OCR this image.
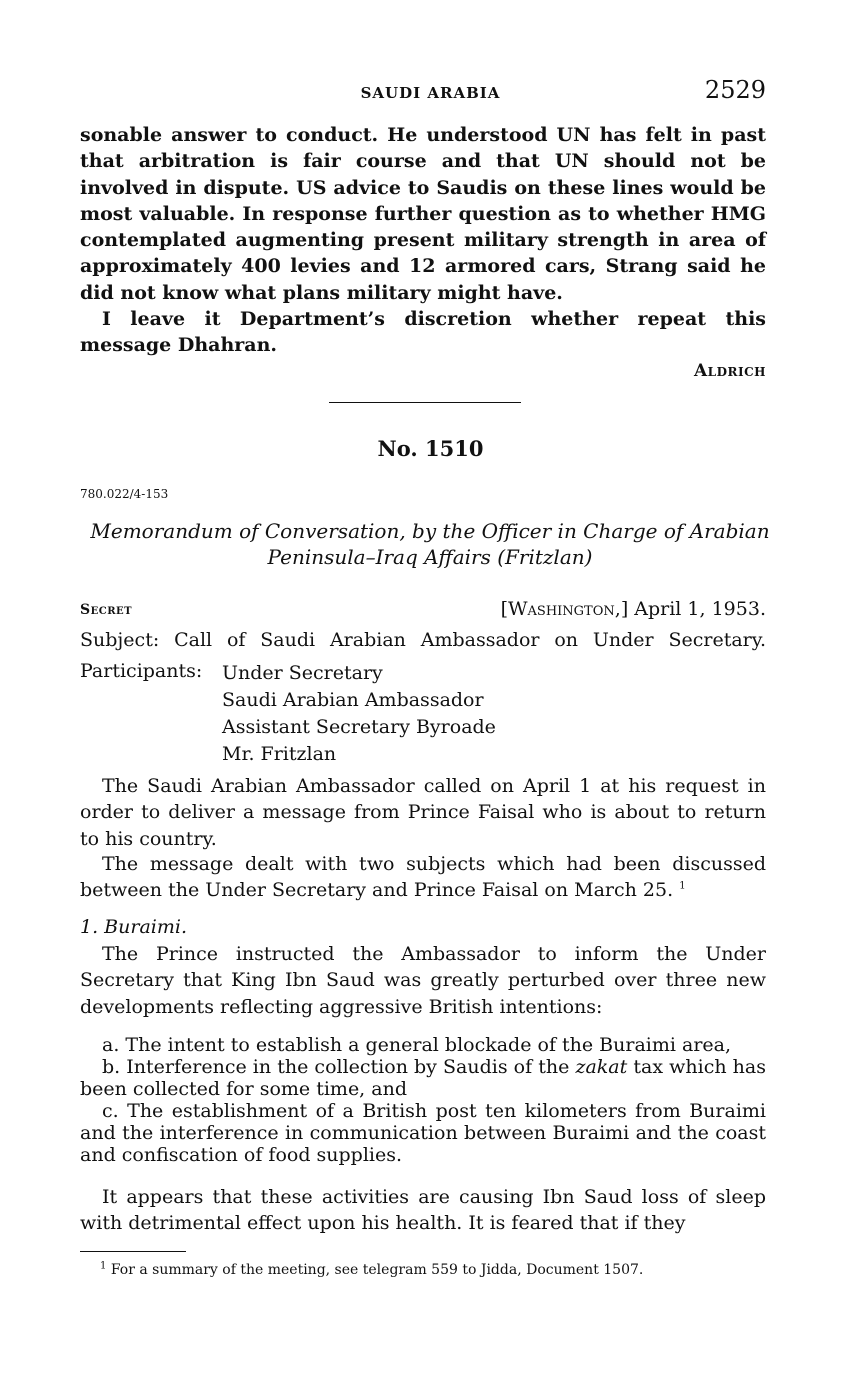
SAUDI ARABIA	2529

sonable answer to conduct. He understood UN has felt in past that arbitration is fair course and that UN should not be involved in dispute. US advice to Saudis on these lines would be most valuable. In response further question as to whether HMG contemplated augmenting present military strength in area of approximately 400 levies and 12 armored cars, Strang said he did not know what plans military might have.

I leave it Department’s discretion whether repeat this message Dhahran.

Aldrich
No. 1510
780.022/4-153
Memorandum of Conversation, by the Officer in Charge of Arabian
Peninsula–Iraq Affairs (Fritzlan)
Secret	[Washington,] April 1, 1953.
Subject: Call of Saudi Arabian Ambassador on Under Secretary.
Participants: Under Secretary
Saudi Arabian Ambassador
Assistant Secretary Byroade
Mr. Fritzlan

The Saudi Arabian Ambassador called on April 1 at his request in order to deliver a message from Prince Faisal who is about to return to his country.

The message dealt with two subjects which had been discussed between the Under Secretary and Prince Faisal on March 25. $^1$

1. Buraimi.

The Prince instructed the Ambassador to inform the Under Secretary that King Ibn Saud was greatly perturbed over three new developments reflecting aggressive British intentions:

a. The intent to establish a general blockade of the Buraimi area,
b. Interference in the collection by Saudis of the zakat tax which has been collected for some time, and
c. The establishment of a British post ten kilometers from Buraimi and the interference in communication between Buraimi and the coast and confiscation of food supplies.

It appears that these activities are causing Ibn Saud loss of sleep with detrimental effect upon his health. It is feared that if they

$^1$ For a summary of the meeting, see telegram 559 to Jidda, Document 1507.
